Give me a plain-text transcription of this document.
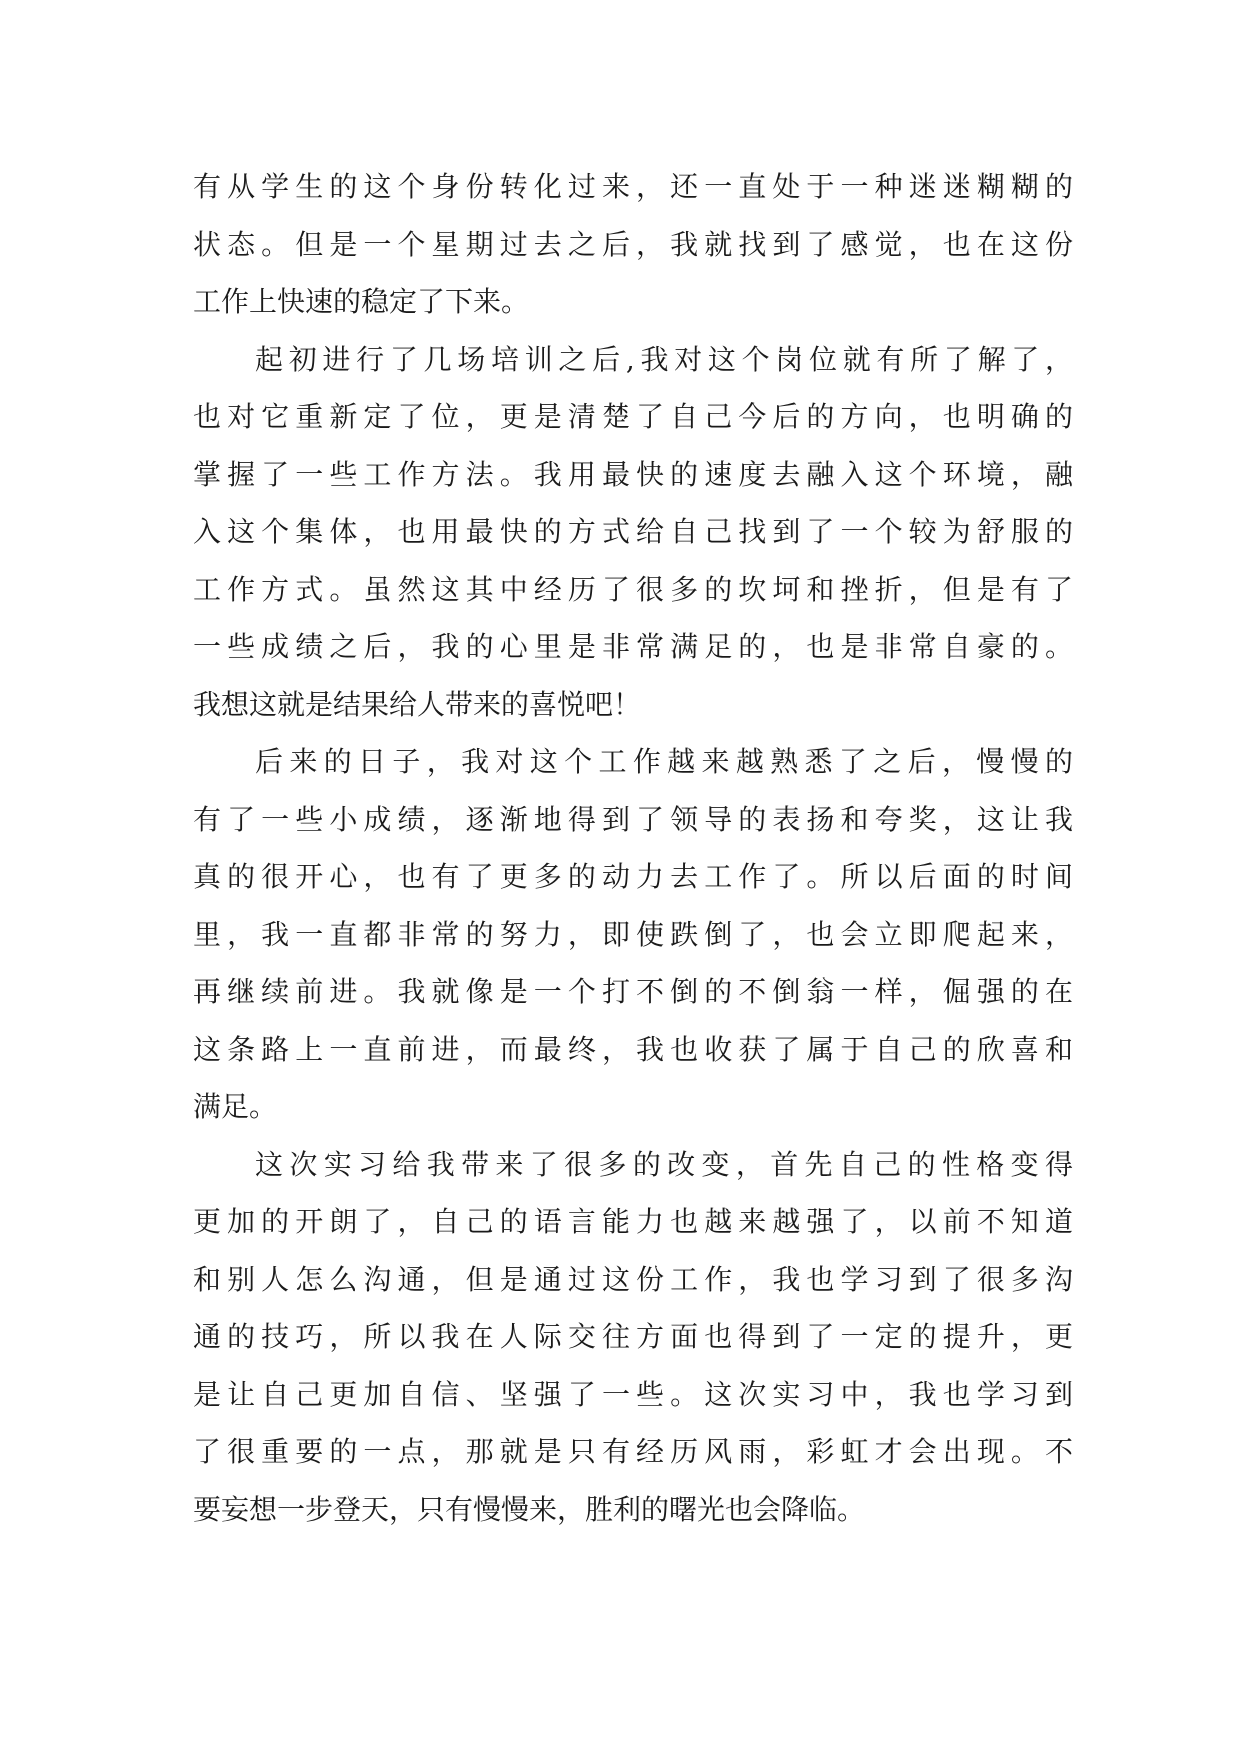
有从学生的这个身份转化过来，还一直处于一种迷迷糊糊的
状态。但是一个星期过去之后，我就找到了感觉，也在这份
工作上快速的稳定了下来。
起初进行了几场培训之后,我对这个岗位就有所了解了，
也对它重新定了位，更是清楚了自己今后的方向，也明确的
掌握了一些工作方法。我用最快的速度去融入这个环境，融
入这个集体，也用最快的方式给自己找到了一个较为舒服的
工作方式。虽然这其中经历了很多的坎坷和挫折，但是有了
一些成绩之后，我的心里是非常满足的，也是非常自豪的。
我想这就是结果给人带来的喜悦吧！
后来的日子，我对这个工作越来越熟悉了之后，慢慢的
有了一些小成绩，逐渐地得到了领导的表扬和夸奖，这让我
真的很开心，也有了更多的动力去工作了。所以后面的时间
里，我一直都非常的努力，即使跌倒了，也会立即爬起来，
再继续前进。我就像是一个打不倒的不倒翁一样，倔强的在
这条路上一直前进，而最终，我也收获了属于自己的欣喜和
满足。
这次实习给我带来了很多的改变，首先自己的性格变得
更加的开朗了，自己的语言能力也越来越强了，以前不知道
和别人怎么沟通，但是通过这份工作，我也学习到了很多沟
通的技巧，所以我在人际交往方面也得到了一定的提升，更
是让自己更加自信、坚强了一些。这次实习中，我也学习到
了很重要的一点，那就是只有经历风雨，彩虹才会出现。不
要妄想一步登天，只有慢慢来，胜利的曙光也会降临。
